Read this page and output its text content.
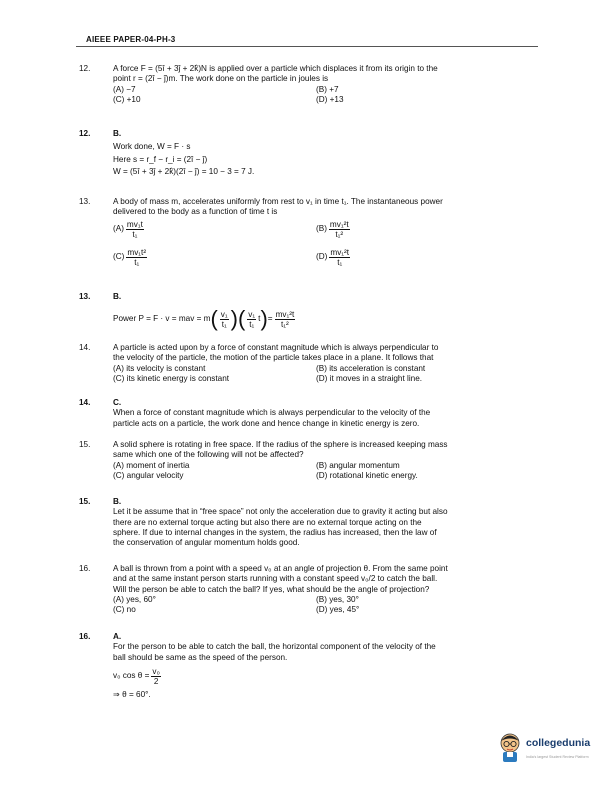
AIEEE PAPER-04-PH-3
12.	A force F = (5î + 3ĵ + 2k̂)N is applied over a particle which displaces it from its origin to the

point r = (2î − ĵ)m. The work done on the particle in joules is

(A) −7	(B) +7
(C) +10	(D) +13
12.	B.

Work done, W = F · s

Here s = r_f − r_i = (2î − ĵ)

W = (5î + 3ĵ + 2k̂)(2î − ĵ) = 10 − 3 = 7 J.

13.	A body of mass m, accelerates uniformly from rest to v₁ in time t₁. The instantaneous power

delivered to the body as a function of time t is

$(A) \frac{\text{mv₁t}}{\text{t₁}}$	$(B) \frac{\text{mv₁²t}}{\text{t₁²}}$
$(C) \frac{\text{mv₁t²}}{\text{t₁}}$	$(D) \frac{\text{mv₁²t}}{\text{t₁}}$
13.	B.

Power P = F · v = mav = $m( \frac{\text{v₁}}{\text{t₁}}$ )( $\frac{\text{v₁}}{\text{t₁}} t)= \frac{\text{mv₁²t}}{\text{t₁²}}$
14.	A particle is acted upon by a force of constant magnitude which is always perpendicular to

the velocity of the particle, the motion of the particle takes place in a plane. It follows that

(A) its velocity is constant	(B) its acceleration is constant
(C) its kinetic energy is constant	(D) it moves in a straight line.
14.	C.

When a force of constant magnitude which is always perpendicular to the velocity of the

particle acts on a particle, the work done and hence change in kinetic energy is zero.

15.	A solid sphere is rotating in free space. If the radius of the sphere is increased keeping mass

same which one of the following will not be affected?

(A) moment of inertia	(B) angular momentum
(C) angular velocity	(D) rotational kinetic energy.
15.	B.

Let it be assume that in “free space” not only the acceleration due to gravity it acting but also

there are no external torque acting but also there are no external torque acting on the

sphere. If due to internal changes in the system, the radius has increased, then the law of

the conservation of angular momentum holds good.

16.	A ball is thrown from a point with a speed v₀ at an angle of projection θ. From the same point

and at the same instant person starts running with a constant speed v₀/2 to catch the ball.

Will the person be able to catch the ball? If yes, what should be the angle of projection?

(A) yes, 60°	(B) yes, 30°
(C) no	(D) yes, 45°
16.	A.

For the person to be able to catch the ball, the horizontal component of the velocity of the

ball should be same as the speed of the person.

v₀ $\cos \theta = \frac{\text{v₀}}{2}$

⇒ θ = 60°.

collegedunia
India's largest Student Review Platform
